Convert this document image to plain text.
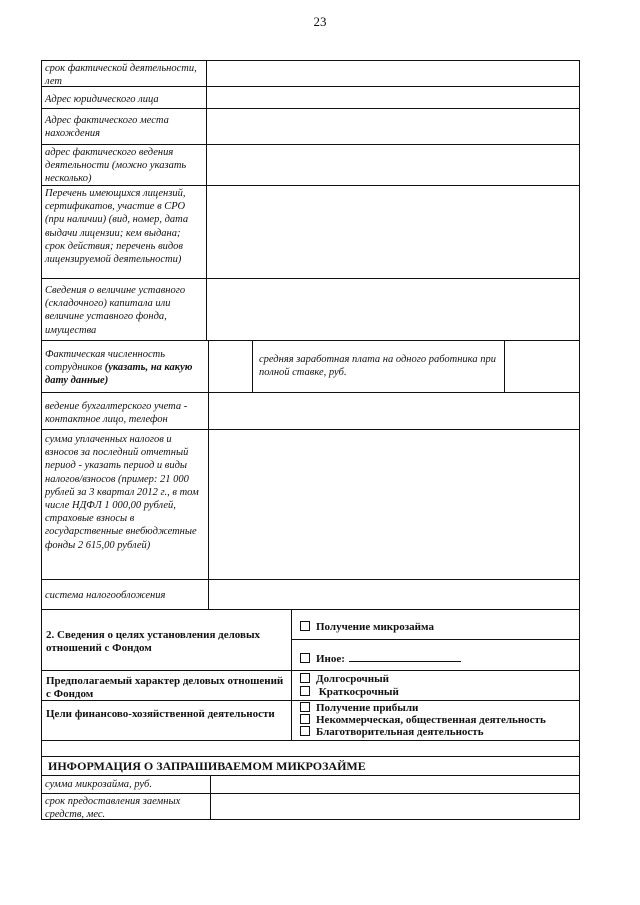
23
срок фактической деятельности, лет
Адрес юридического лица
Адрес фактического места нахождения
адрес фактического ведения деятельности (можно указать несколько)
Перечень имеющихся лицензий, сертификатов, участие в СРО (при наличии) (вид, номер, дата выдачи лицензии; кем выдана; срок действия; перечень видов лицензируемой деятельности)
Сведения о величине уставного (складочного) капитала или величине уставного фонда, имущества
Фактическая численность сотрудников (указать, на какую дату данные)
средняя заработная плата на одного работника при полной ставке, руб.
ведение бухгалтерского учета - контактное лицо, телефон
сумма уплаченных налогов и взносов за последний отчетный период - указать период и виды налогов/взносов (пример: 21 000 рублей за 3 квартал 2012 г., в том числе НДФЛ 1 000,00 рублей, страховые взносы в государственные внебюджетные фонды 2 615,00 рублей)
система налогообложения
2. Сведения о целях установления деловых отношений с Фондом
Получение микрозайма
Иное:
Предполагаемый характер деловых отношений с Фондом
Долгосрочный
Краткосрочный
Цели финансово-хозяйственной деятельности	Получение прибыли
Некоммерческая, общественная деятельность
Благотворительная деятельность
ИНФОРМАЦИЯ О ЗАПРАШИВАЕМОМ МИКРОЗАЙМЕ
сумма микрозайма, руб.
срок предоставления заемных средств, мес.
